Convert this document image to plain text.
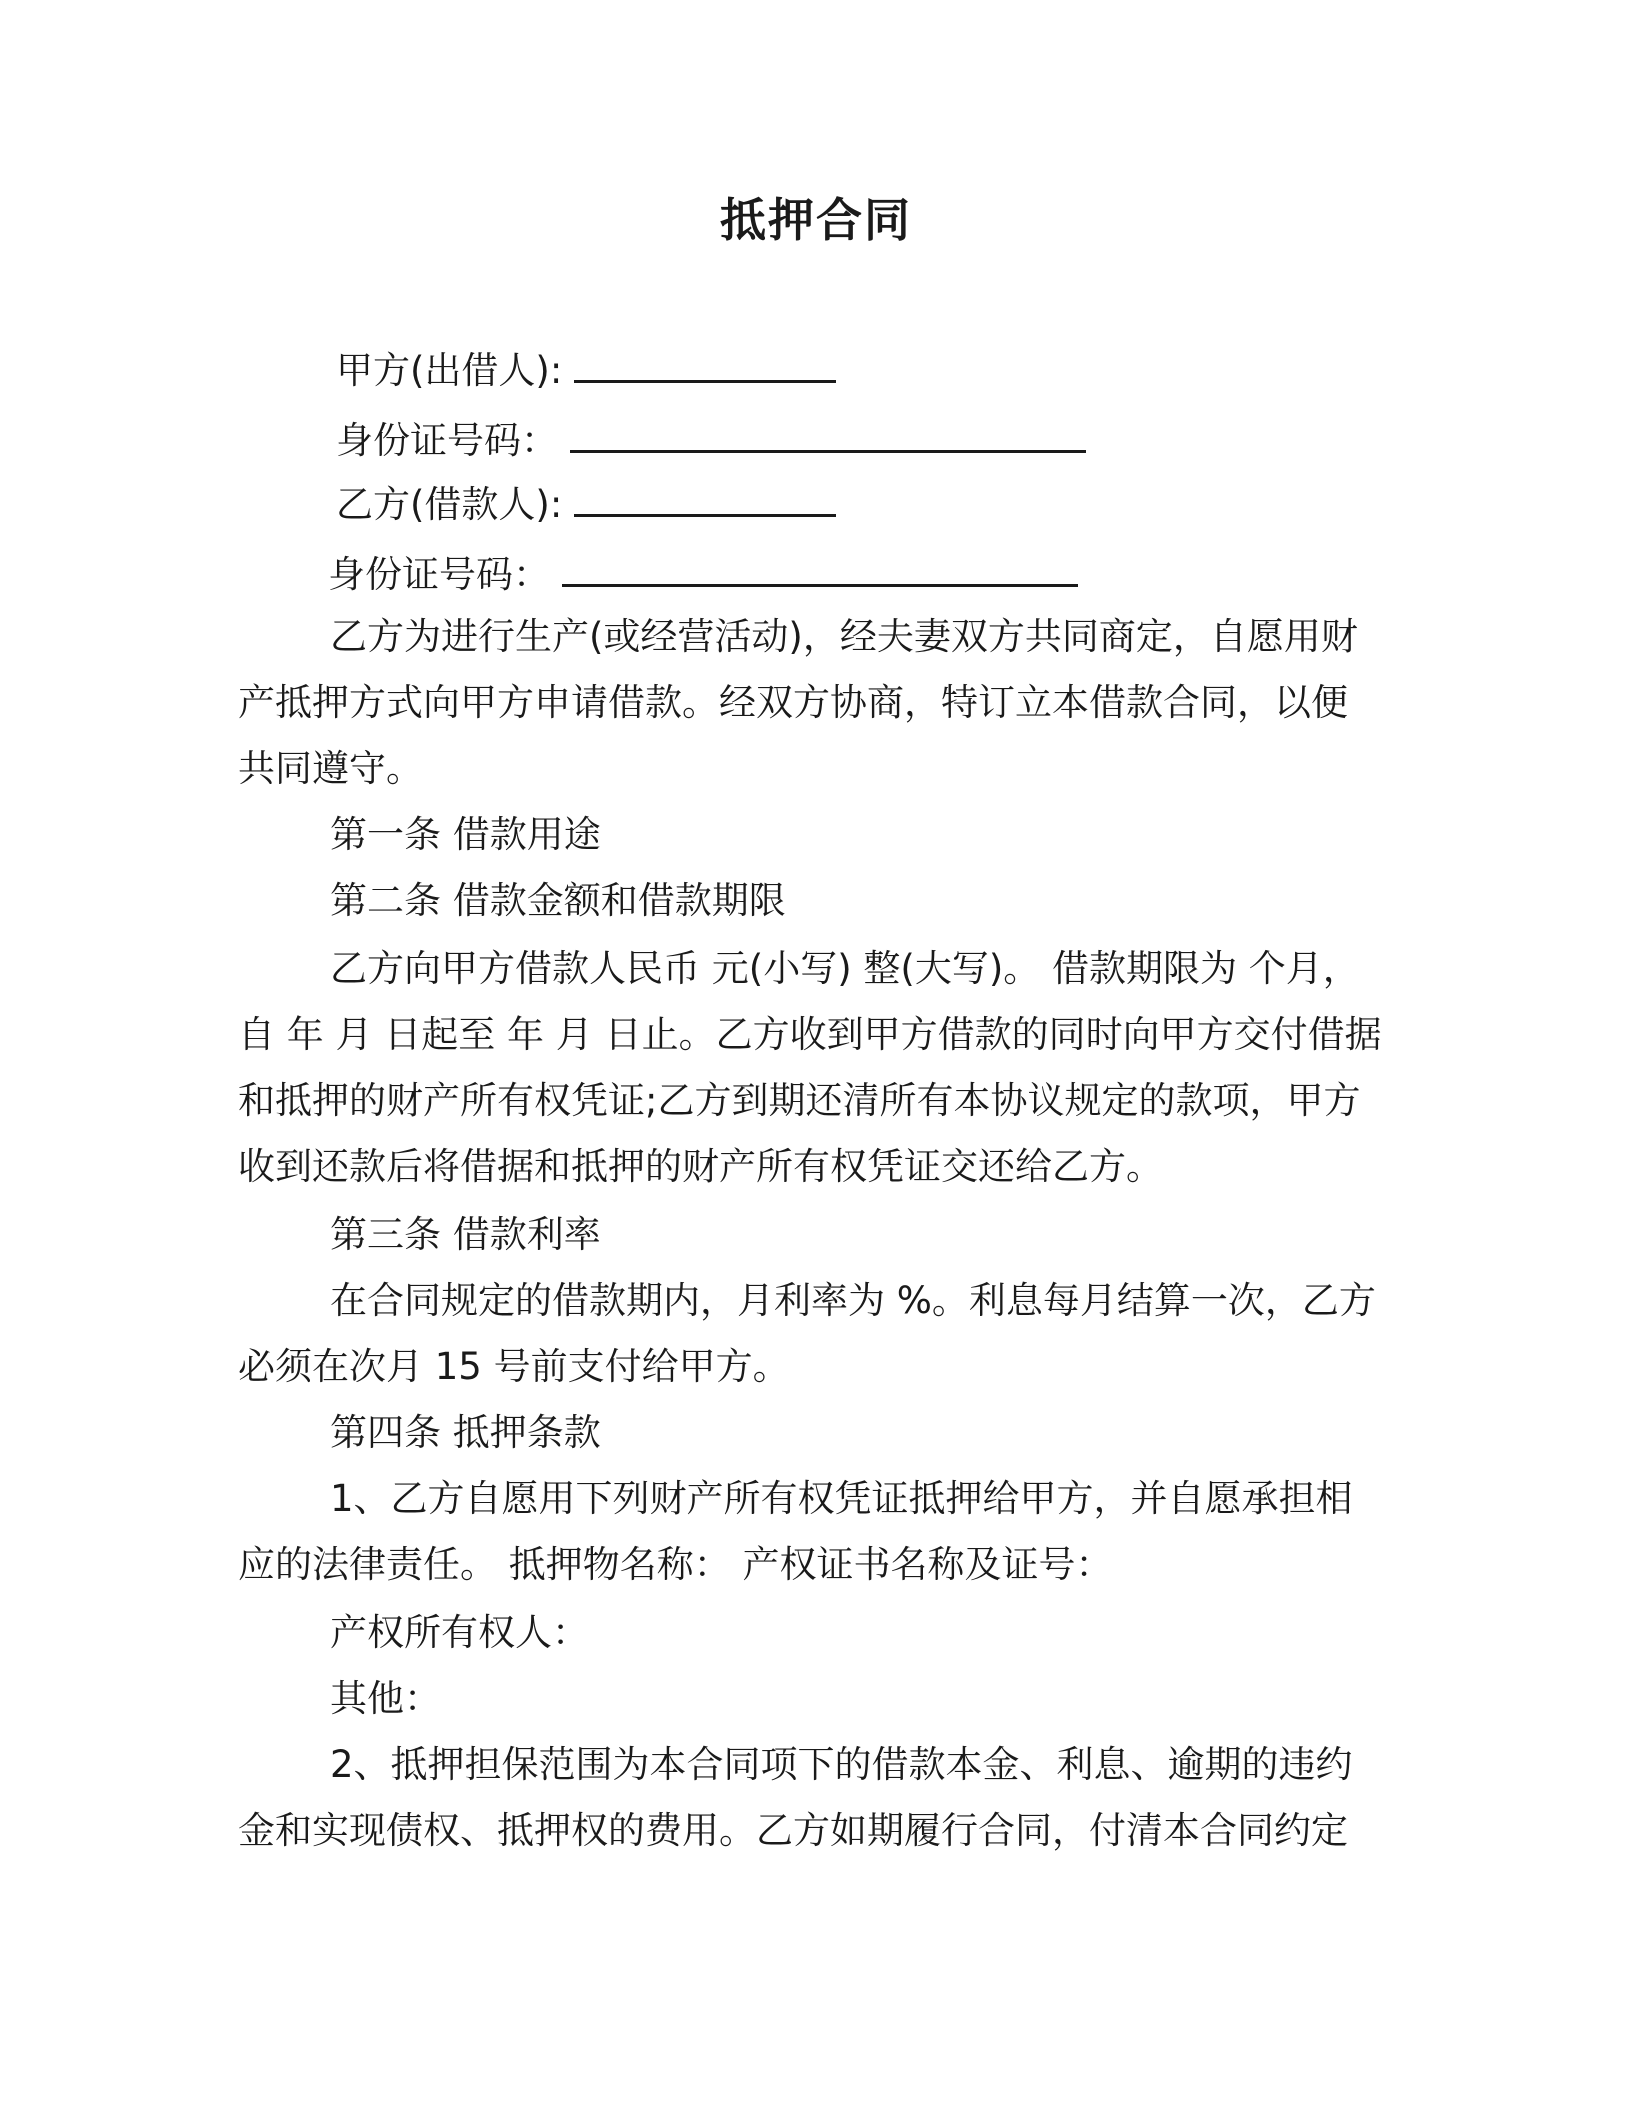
抵押合同
甲方(出借人):
身份证号码：
乙方(借款人):
身份证号码：
乙方为进行生产(或经营活动)，经夫妻双方共同商定，自愿用财
产抵押方式向甲方申请借款。经双方协商，特订立本借款合同，以便
共同遵守。
第一条 借款用途
第二条 借款金额和借款期限
乙方向甲方借款人民币 元(小写) 整(大写)。 借款期限为 个月，
自 年 月 日起至 年 月 日止。乙方收到甲方借款的同时向甲方交付借据
和抵押的财产所有权凭证;乙方到期还清所有本协议规定的款项，甲方
收到还款后将借据和抵押的财产所有权凭证交还给乙方。
第三条 借款利率
在合同规定的借款期内，月利率为 %。利息每月结算一次，乙方
必须在次月 15 号前支付给甲方。
第四条 抵押条款
1、乙方自愿用下列财产所有权凭证抵押给甲方，并自愿承担相
应的法律责任。 抵押物名称： 产权证书名称及证号：
产权所有权人：
其他：
2、抵押担保范围为本合同项下的借款本金、利息、逾期的违约
金和实现债权、抵押权的费用。乙方如期履行合同，付清本合同约定
